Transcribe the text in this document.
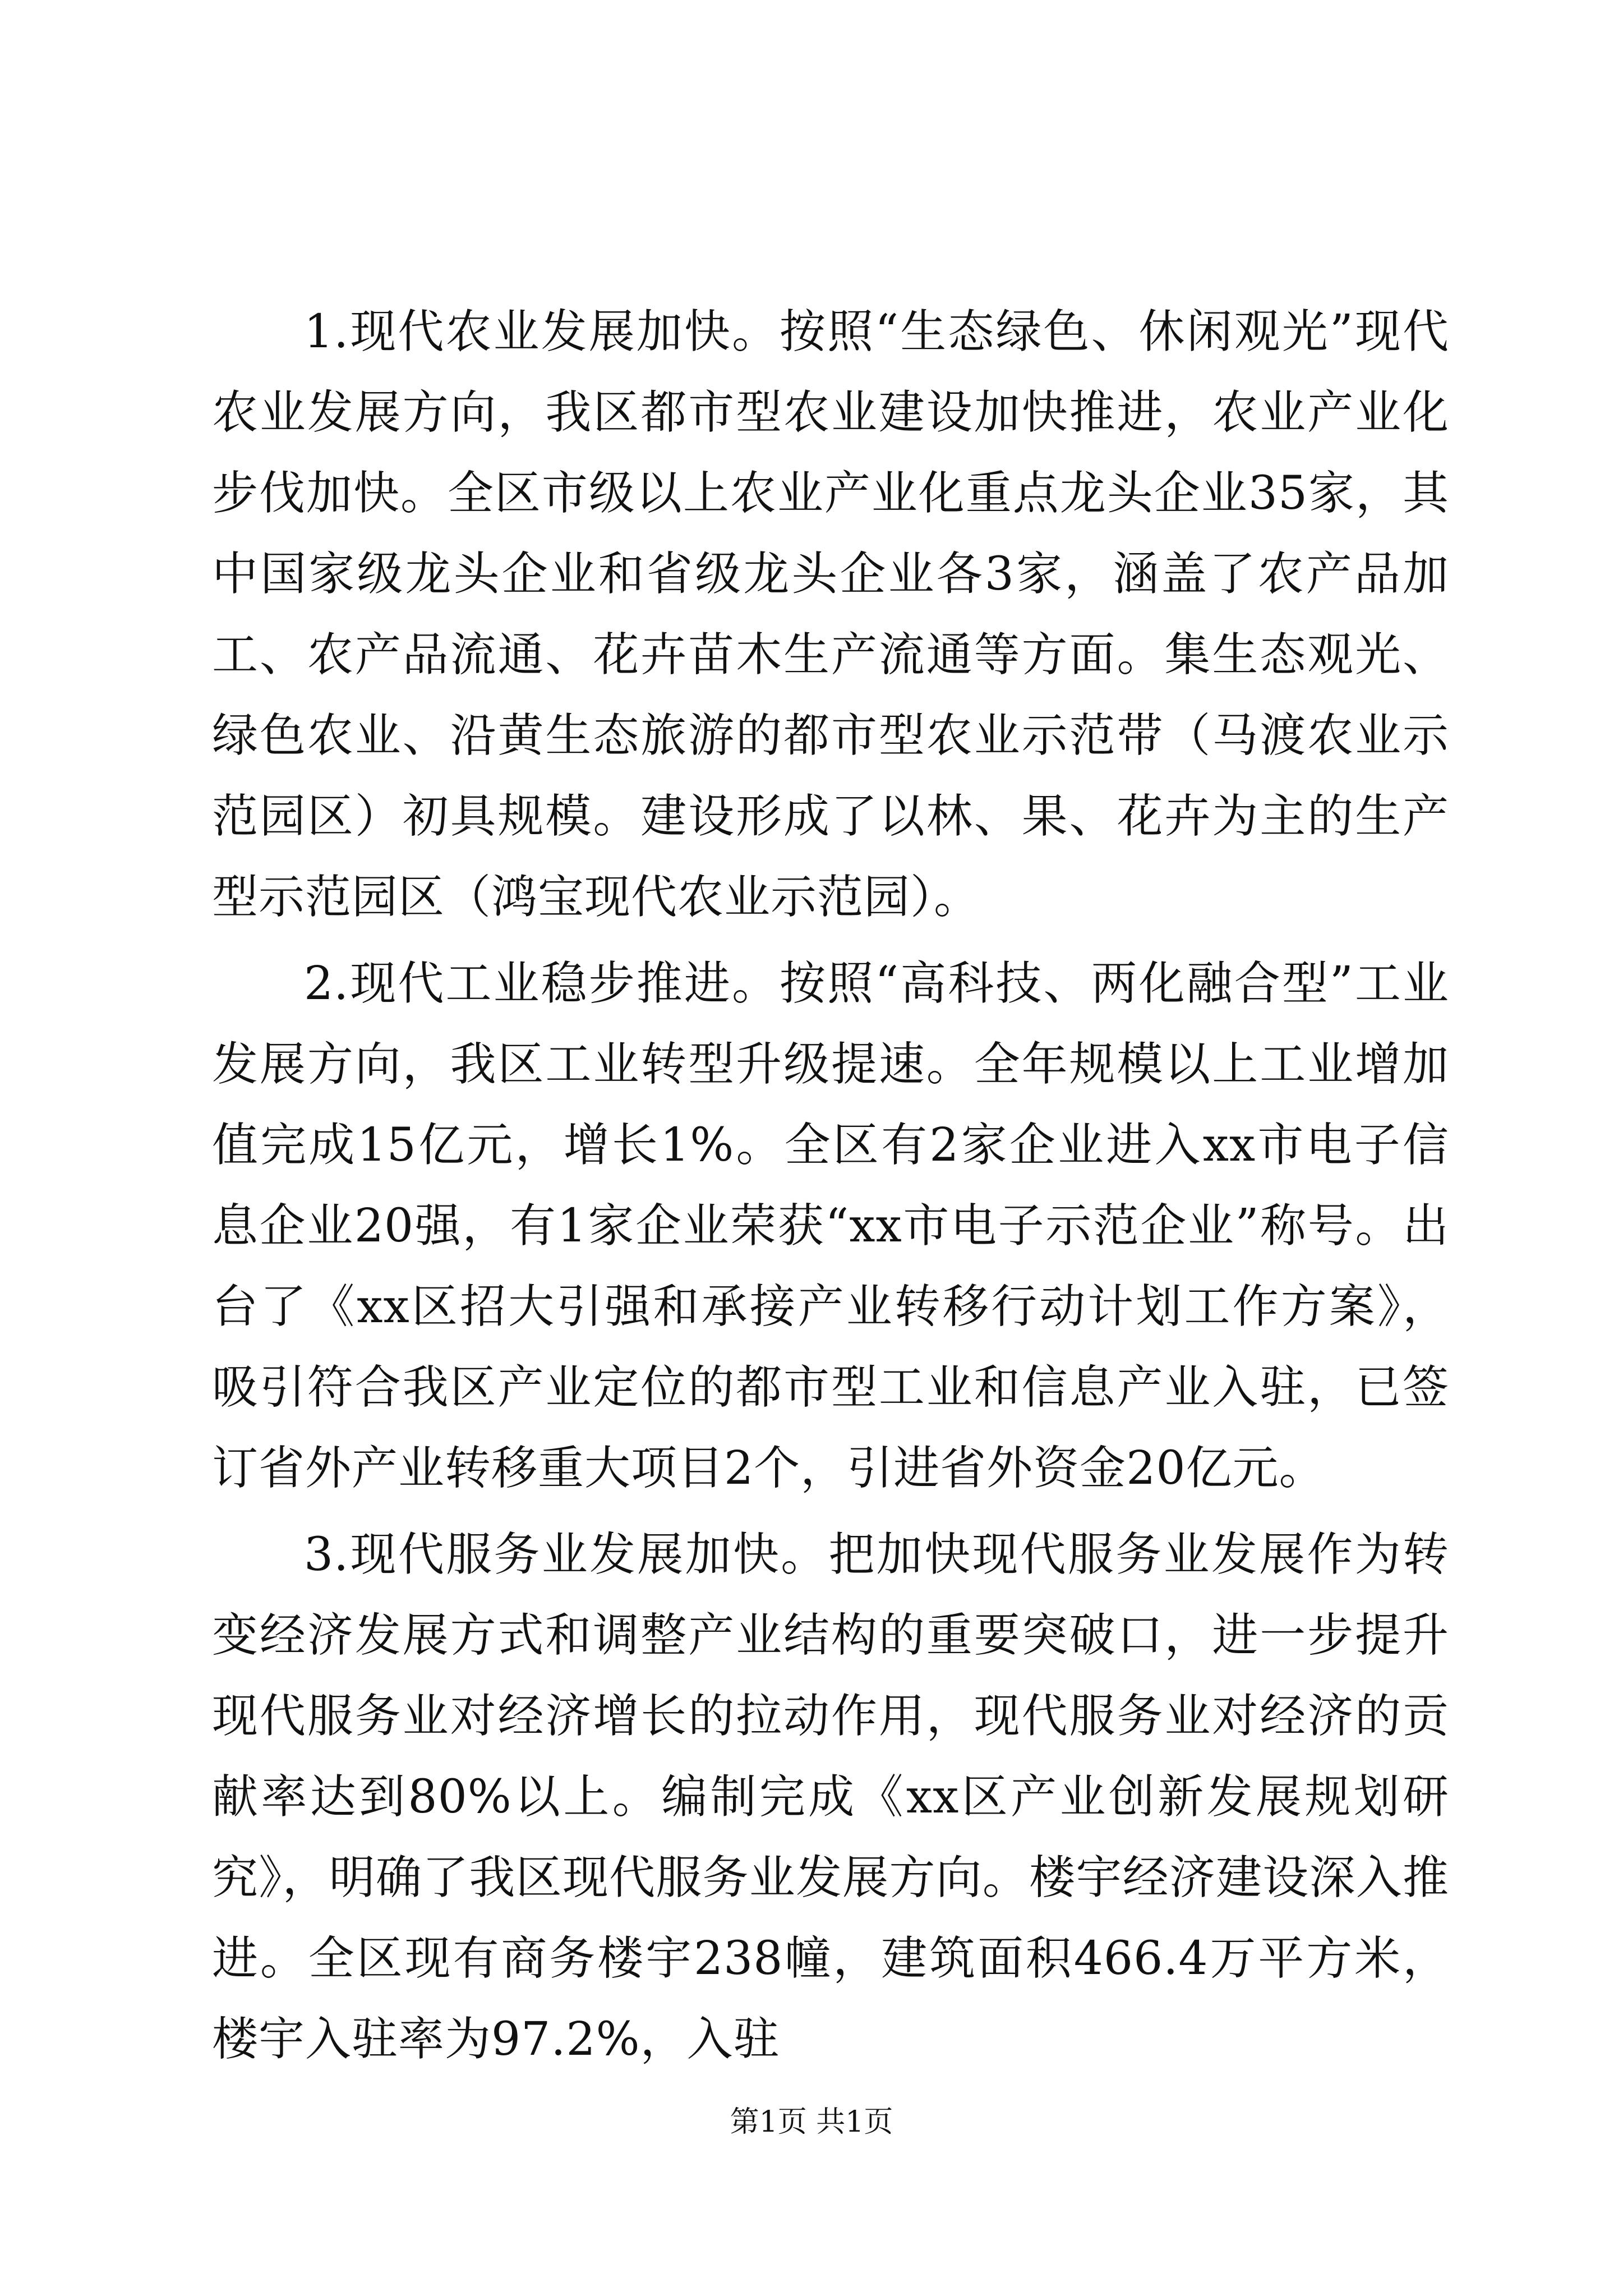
1.现代农业发展加快。按照“生态绿色、休闲观光”现代农业发展方向，我区都市型农业建设加快推进，农业产业化步伐加快。全区市级以上农业产业化重点龙头企业35家，其中国家级龙头企业和省级龙头企业各3家，涵盖了农产品加工、农产品流通、花卉苗木生产流通等方面。集生态观光、绿色农业、沿黄生态旅游的都市型农业示范带（马渡农业示范园区）初具规模。建设形成了以林、果、花卉为主的生产型示范园区（鸿宝现代农业示范园）。

2.现代工业稳步推进。按照“高科技、两化融合型”工业发展方向，我区工业转型升级提速。全年规模以上工业增加值完成15亿元，增长1%。全区有2家企业进入xx市电子信息企业20强，有1家企业荣获“xx市电子示范企业”称号。出台了《xx区招大引强和承接产业转移行动计划工作方案》，吸引符合我区产业定位的都市型工业和信息产业入驻，已签订省外产业转移重大项目2个，引进省外资金20亿元。

3.现代服务业发展加快。把加快现代服务业发展作为转变经济发展方式和调整产业结构的重要突破口，进一步提升现代服务业对经济增长的拉动作用，现代服务业对经济的贡献率达到80%以上。编制完成《xx区产业创新发展规划研究》，明确了我区现代服务业发展方向。楼宇经济建设深入推进。全区现有商务楼宇238幢，建筑面积466.4万平方米，楼宇入驻率为97.2%，入驻

第1页 共1页
